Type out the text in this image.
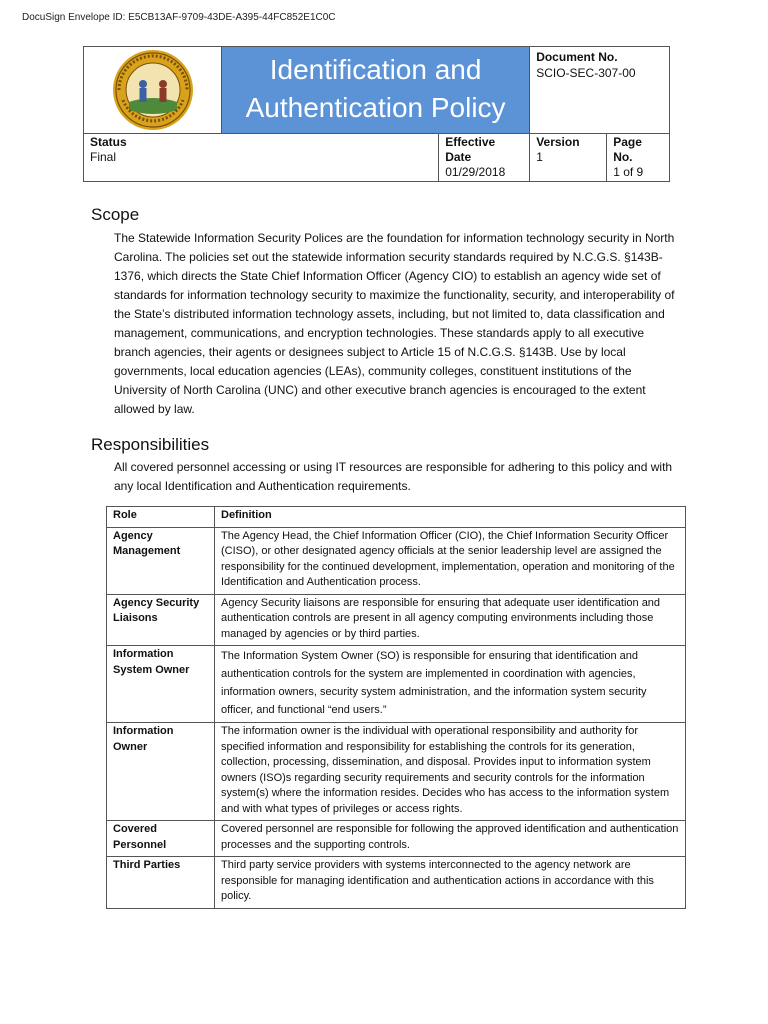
DocuSign Envelope ID: E5CB13AF-9709-43DE-A395-44FC852E1C0C

Identification and
Authentication Policy

Document No.
SCIO-SEC-307-00

Status
Final

Effective Date
01/29/2018

Version
1

Page No.
1 of 9
Scope
The Statewide Information Security Polices are the foundation for information technology security in North Carolina. The policies set out the statewide information security standards required by N.C.G.S. §143B-1376, which directs the State Chief Information Officer (Agency CIO) to establish an agency wide set of standards for information technology security to maximize the functionality, security, and interoperability of the State’s distributed information technology assets, including, but not limited to, data classification and management, communications, and encryption technologies. These standards apply to all executive branch agencies, their agents or designees subject to Article 15 of N.C.G.S. §143B. Use by local governments, local education agencies (LEAs), community colleges, constituent institutions of the University of North Carolina (UNC) and other executive branch agencies is encouraged to the extent allowed by law.
Responsibilities
All covered personnel accessing or using IT resources are responsible for adhering to this policy and with any local Identification and Authentication requirements.
Role	Definition
Agency Management	The Agency Head, the Chief Information Officer (CIO), the Chief Information Security Officer (CISO), or other designated agency officials at the senior leadership level are assigned the responsibility for the continued development, implementation, operation and monitoring of the Identification and Authentication process.
Agency Security Liaisons	Agency Security liaisons are responsible for ensuring that adequate user identification and authentication controls are present in all agency computing environments including those managed by agencies or by third parties.
Information System Owner	The Information System Owner (SO) is responsible for ensuring that identification and authentication controls for the system are implemented in coordination with agencies, information owners, security system administration, and the information system security officer, and functional “end users.”
Information Owner	The information owner is the individual with operational responsibility and authority for specified information and responsibility for establishing the controls for its generation, collection, processing, dissemination, and disposal. Provides input to information system owners (ISO)s regarding security requirements and security controls for the information system(s) where the information resides. Decides who has access to the information system and with what types of privileges or access rights.
Covered Personnel	Covered personnel are responsible for following the approved identification and authentication processes and the supporting controls.
Third Parties	Third party service providers with systems interconnected to the agency network are responsible for managing identification and authentication actions in accordance with this policy.
